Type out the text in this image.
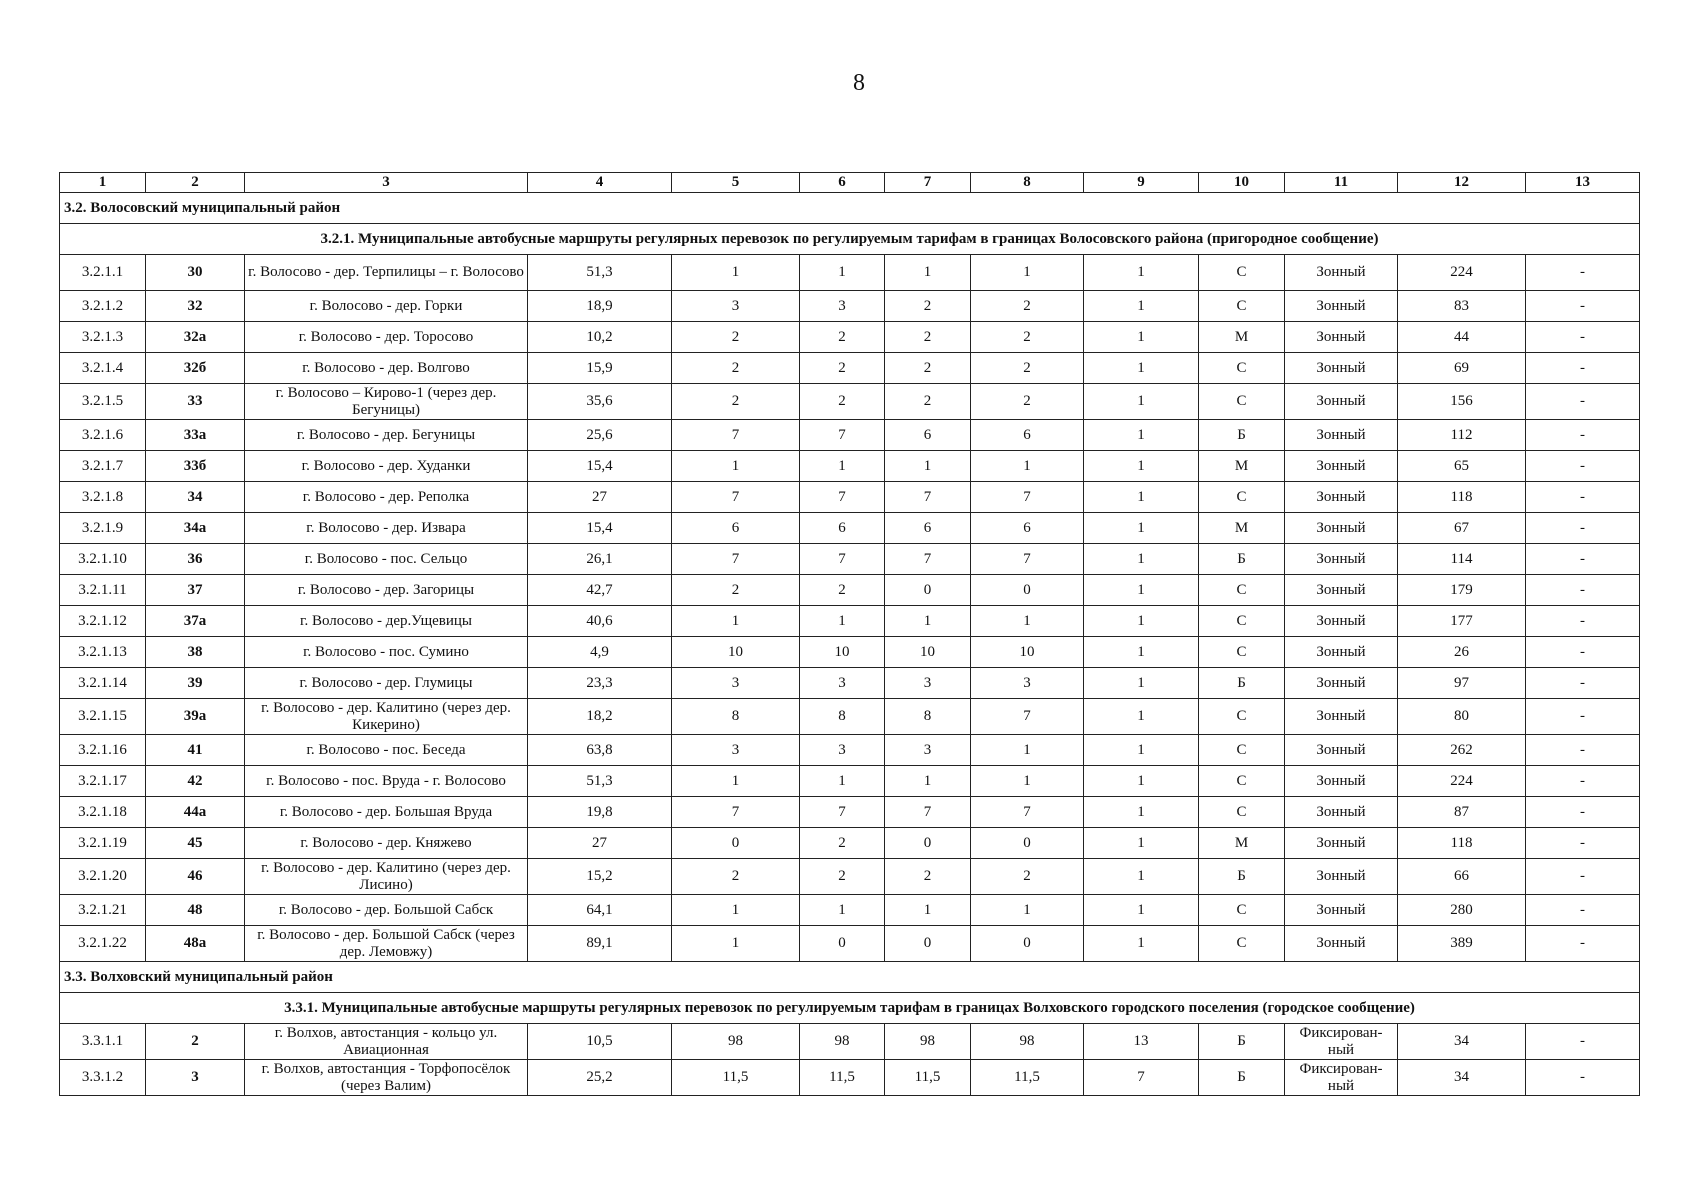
8
1	2	3	4	5	6	7	8	9	10	11	12	13
3.2. Волосовский муниципальный район												
3.2.1. Муниципальные автобусные маршруты регулярных перевозок по регулируемым тарифам в границах Волосовского района (пригородное сообщение)												
3.2.1.1	30	г. Волосово - дер. Терпилицы – г. Волосово	51,3	1	1	1	1	1	С	Зонный	224	-
3.2.1.2	32	г. Волосово - дер. Горки	18,9	3	3	2	2	1	С	Зонный	83	-
3.2.1.3	32а	г. Волосово - дер. Торосово	10,2	2	2	2	2	1	М	Зонный	44	-
3.2.1.4	32б	г. Волосово - дер. Волгово	15,9	2	2	2	2	1	С	Зонный	69	-
3.2.1.5	33	г. Волосово – Кирово-1 (через дер. Бегуницы)	35,6	2	2	2	2	1	С	Зонный	156	-
3.2.1.6	33а	г. Волосово - дер. Бегуницы	25,6	7	7	6	6	1	Б	Зонный	112	-
3.2.1.7	33б	г. Волосово - дер. Худанки	15,4	1	1	1	1	1	М	Зонный	65	-
3.2.1.8	34	г. Волосово - дер. Реполка	27	7	7	7	7	1	С	Зонный	118	-
3.2.1.9	34а	г. Волосово - дер. Извара	15,4	6	6	6	6	1	М	Зонный	67	-
3.2.1.10	36	г. Волосово - пос. Сельцо	26,1	7	7	7	7	1	Б	Зонный	114	-
3.2.1.11	37	г. Волосово - дер. Загорицы	42,7	2	2	0	0	1	С	Зонный	179	-
3.2.1.12	37а	г. Волосово - дер.Ущевицы	40,6	1	1	1	1	1	С	Зонный	177	-
3.2.1.13	38	г. Волосово - пос. Сумино	4,9	10	10	10	10	1	С	Зонный	26	-
3.2.1.14	39	г. Волосово - дер. Глумицы	23,3	3	3	3	3	1	Б	Зонный	97	-
3.2.1.15	39а	г. Волосово - дер. Калитино (через дер. Кикерино)	18,2	8	8	8	7	1	С	Зонный	80	-
3.2.1.16	41	г. Волосово - пос. Беседа	63,8	3	3	3	1	1	С	Зонный	262	-
3.2.1.17	42	г. Волосово - пос. Вруда - г. Волосово	51,3	1	1	1	1	1	С	Зонный	224	-
3.2.1.18	44а	г. Волосово - дер. Большая Вруда	19,8	7	7	7	7	1	С	Зонный	87	-
3.2.1.19	45	г. Волосово - дер. Княжево	27	0	2	0	0	1	М	Зонный	118	-
3.2.1.20	46	г. Волосово - дер. Калитино (через дер. Лисино)	15,2	2	2	2	2	1	Б	Зонный	66	-
3.2.1.21	48	г. Волосово - дер. Большой Сабск	64,1	1	1	1	1	1	С	Зонный	280	-
3.2.1.22	48а	г. Волосово - дер. Большой Сабск (через дер. Лемовжу)	89,1	1	0	0	0	1	С	Зонный	389	-
3.3. Волховский муниципальный район												
3.3.1. Муниципальные автобусные маршруты регулярных перевозок по регулируемым тарифам в границах Волховского городского поселения (городское сообщение)												
3.3.1.1	2	г. Волхов, автостанция - кольцо ул. Авиационная	10,5	98	98	98	98	13	Б	Фиксирован-ный	34	-
3.3.1.2	3	г. Волхов, автостанция - Торфопосёлок (через Валим)	25,2	11,5	11,5	11,5	11,5	7	Б	Фиксирован-ный	34	-
